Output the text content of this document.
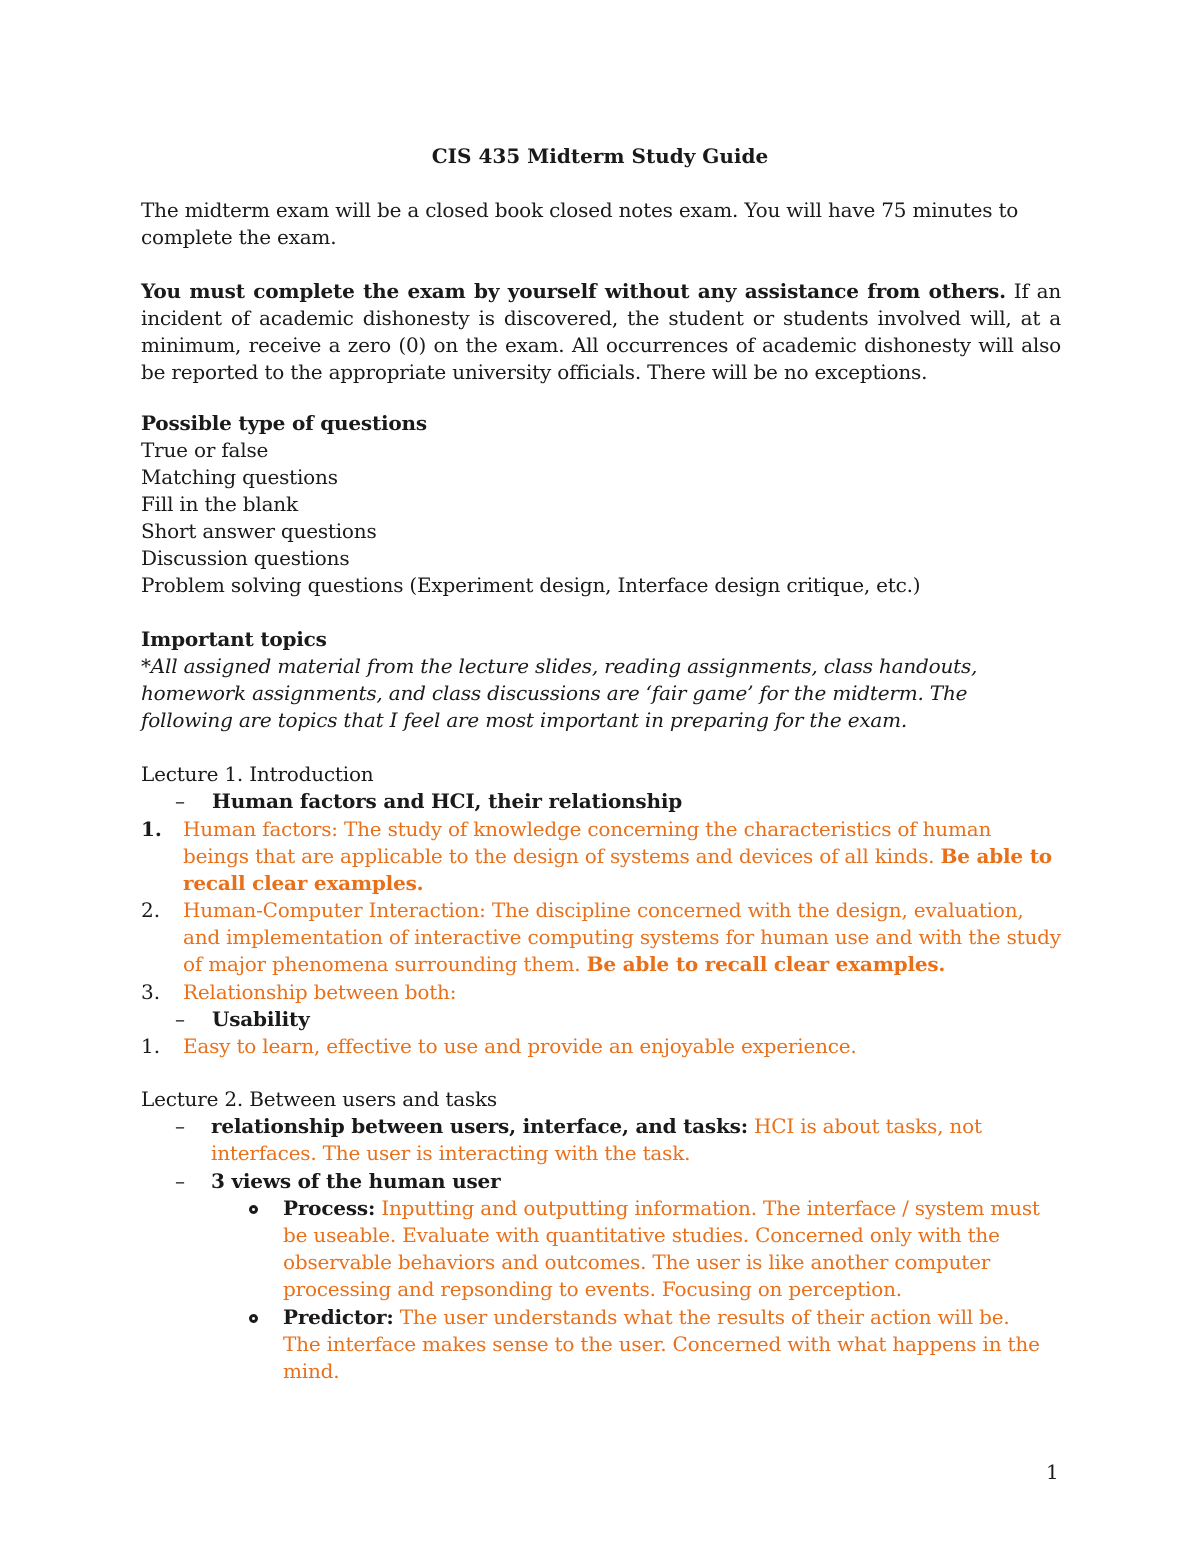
CIS 435 Midterm Study Guide
The midterm exam will be a closed book closed notes exam. You will have 75 minutes to complete the exam.
You must complete the exam by yourself without any assistance from others. If an incident of academic dishonesty is discovered, the student or students involved will, at a minimum, receive a zero (0) on the exam. All occurrences of academic dishonesty will also be reported to the appropriate university officials. There will be no exceptions.
Possible type of questions
True or false
Matching questions
Fill in the blank
Short answer questions
Discussion questions
Problem solving questions (Experiment design, Interface design critique, etc.)
Important topics
*All assigned material from the lecture slides, reading assignments, class handouts, homework assignments, and class discussions are ‘fair game’ for the midterm. The following are topics that I feel are most important in preparing for the exam.
Lecture 1. Introduction
– Human factors and HCI, their relationship
1. Human factors: The study of knowledge concerning the characteristics of human beings that are applicable to the design of systems and devices of all kinds. Be able to recall clear examples.
2. Human-Computer Interaction: The discipline concerned with the design, evaluation, and implementation of interactive computing systems for human use and with the study of major phenomena surrounding them. Be able to recall clear examples.
3. Relationship between both:
– Usability
1. Easy to learn, effective to use and provide an enjoyable experience.
Lecture 2. Between users and tasks
– relationship between users, interface, and tasks: HCI is about tasks, not interfaces. The user is interacting with the task.
– 3 views of the human user
Process: Inputting and outputting information. The interface / system must be useable. Evaluate with quantitative studies. Concerned only with the observable behaviors and outcomes. The user is like another computer processing and repsonding to events. Focusing on perception.
Predictor: The user understands what the results of their action will be. The interface makes sense to the user. Concerned with what happens in the mind.
1
